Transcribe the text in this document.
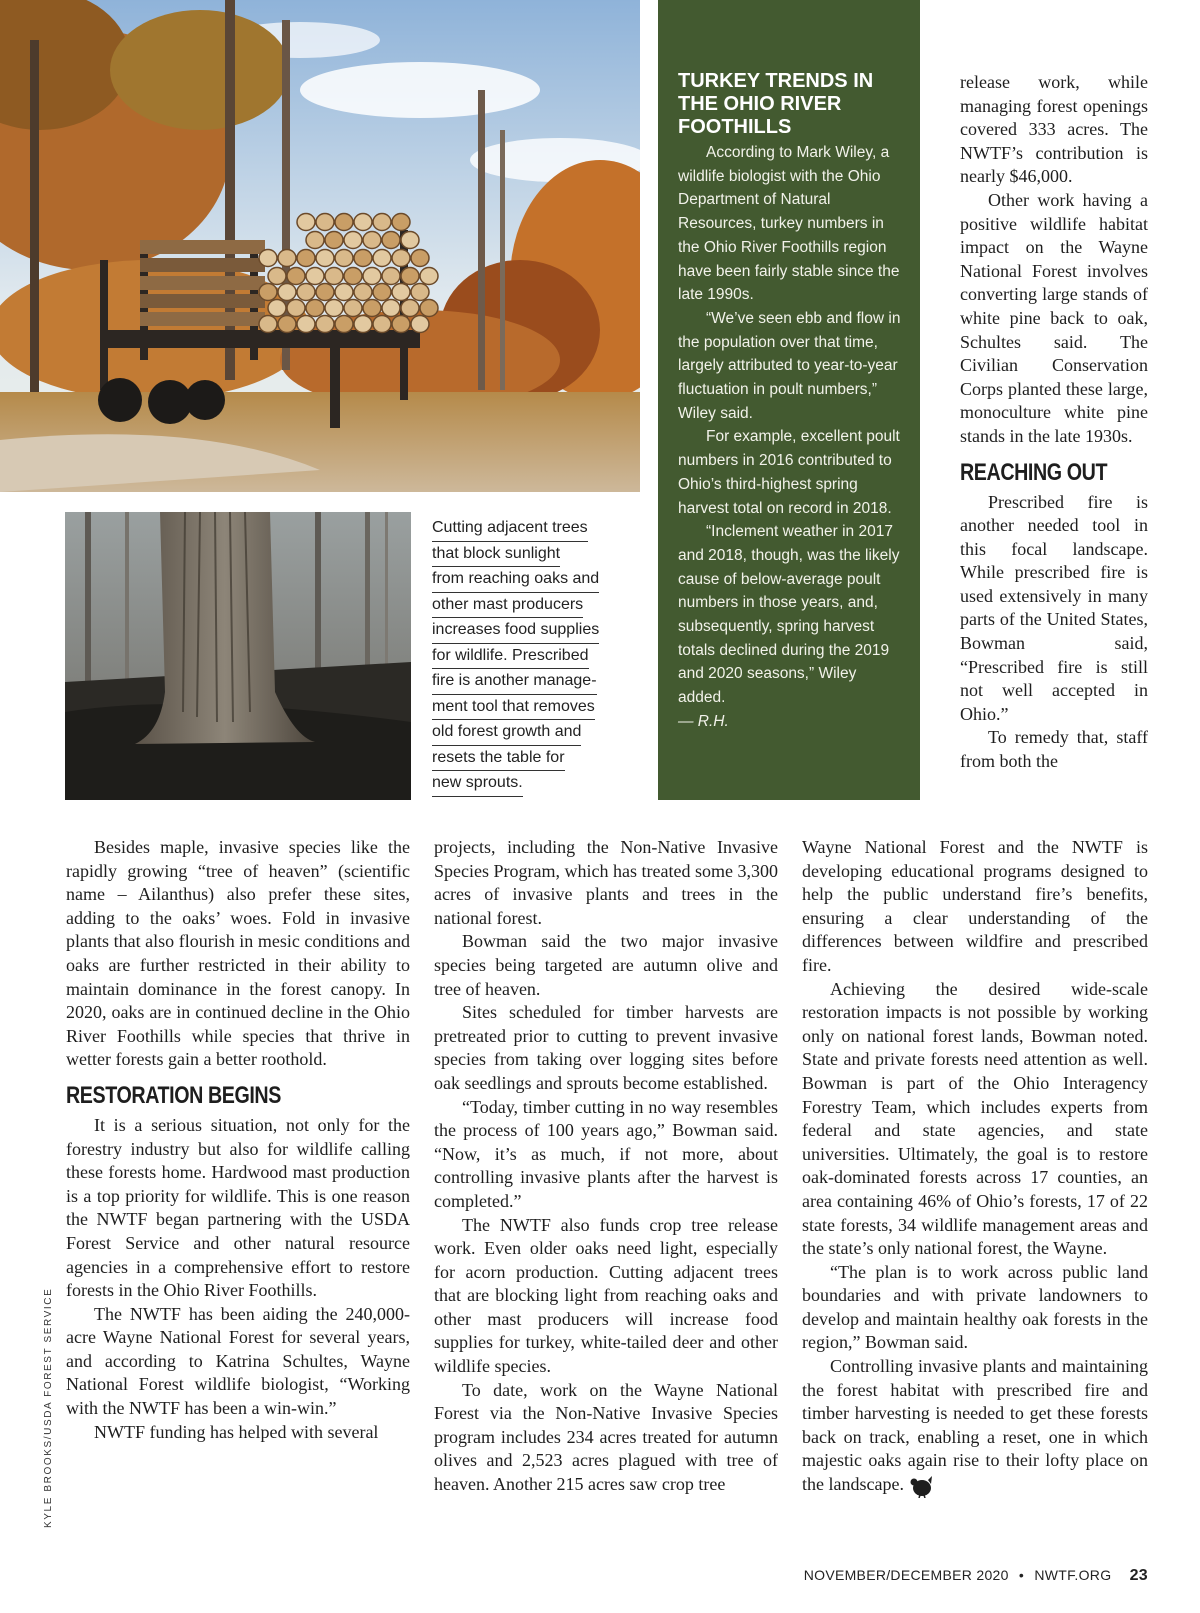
Cutting adjacent trees
that block sunlight
from reaching oaks and
other mast producers
increases food supplies
for wildlife. Prescribed
fire is another manage-
ment tool that removes
old forest growth and
resets the table for
new sprouts.
TURKEY TRENDS IN THE OHIO RIVER FOOTHILLS

According to Mark Wiley, a wildlife biologist with the Ohio Department of Natural Resources, turkey numbers in the Ohio River Foothills region have been fairly stable since the late 1990s.

“We’ve seen ebb and flow in the population over that time, largely attributed to year-to-year fluctuation in poult numbers,” Wiley said.

For example, excellent poult numbers in 2016 contributed to Ohio’s third-highest spring harvest total on record in 2018.

“Inclement weather in 2017 and 2018, though, was the likely cause of below-average poult numbers in those years, and, subsequently, spring harvest totals declined during the 2019 and 2020 seasons,” Wiley added.

— R.H.

release work, while managing forest openings covered 333 acres. The NWTF’s contribution is nearly $46,000.

Other work having a positive wildlife habitat impact on the Wayne National Forest involves converting large stands of white pine back to oak, Schultes said. The Civilian Conservation Corps planted these large, monoculture white pine stands in the late 1930s.

REACHING OUT

Prescribed fire is another needed tool in this focal landscape. While prescribed fire is used extensively in many parts of the United States, Bowman said, “Prescribed fire is still not well accepted in Ohio.”

To remedy that, staff from both the

Besides maple, invasive species like the rapidly growing “tree of heaven” (scientific name – Ailanthus) also prefer these sites, adding to the oaks’ woes. Fold in invasive plants that also flourish in mesic conditions and oaks are further restricted in their ability to maintain dominance in the forest canopy. In 2020, oaks are in continued decline in the Ohio River Foothills while species that thrive in wetter forests gain a better roothold.

RESTORATION BEGINS

It is a serious situation, not only for the forestry industry but also for wildlife calling these forests home. Hardwood mast production is a top priority for wildlife. This is one reason the NWTF began partnering with the USDA Forest Service and other natural resource agencies in a comprehensive effort to restore forests in the Ohio River Foothills.

The NWTF has been aiding the 240,000-acre Wayne National Forest for several years, and according to Katrina Schultes, Wayne National Forest wildlife biologist, “Working with the NWTF has been a win-win.”

NWTF funding has helped with several

projects, including the Non-Native Invasive Species Program, which has treated some 3,300 acres of invasive plants and trees in the national forest.

Bowman said the two major invasive species being targeted are autumn olive and tree of heaven.

Sites scheduled for timber harvests are pretreated prior to cutting to prevent invasive species from taking over logging sites before oak seedlings and sprouts become established.

“Today, timber cutting in no way resembles the process of 100 years ago,” Bowman said. “Now, it’s as much, if not more, about controlling invasive plants after the harvest is completed.”

The NWTF also funds crop tree release work. Even older oaks need light, especially for acorn production. Cutting adjacent trees that are blocking light from reaching oaks and other mast producers will increase food supplies for turkey, white-tailed deer and other wildlife species.

To date, work on the Wayne National Forest via the Non-Native Invasive Species program includes 234 acres treated for autumn olives and 2,523 acres plagued with tree of heaven. Another 215 acres saw crop tree

Wayne National Forest and the NWTF is developing educational programs designed to help the public understand fire’s benefits, ensuring a clear understanding of the differences between wildfire and prescribed fire.

Achieving the desired wide-scale restoration impacts is not possible by working only on national forest lands, Bowman noted. State and private forests need attention as well. Bowman is part of the Ohio Interagency Forestry Team, which includes experts from federal and state agencies, and state universities. Ultimately, the goal is to restore oak-dominated forests across 17 counties, an area containing 46% of Ohio’s forests, 17 of 22 state forests, 34 wildlife management areas and the state’s only national forest, the Wayne.

“The plan is to work across public land boundaries and with private landowners to develop and maintain healthy oak forests in the region,” Bowman said.

Controlling invasive plants and maintaining the forest habitat with prescribed fire and timber harvesting is needed to get these forests back on track, enabling a reset, one in which majestic oaks again rise to their lofty place on the landscape.

KYLE BROOKS/USDA FOREST SERVICE
NOVEMBER/DECEMBER 2020 • NWTF.ORG 23
